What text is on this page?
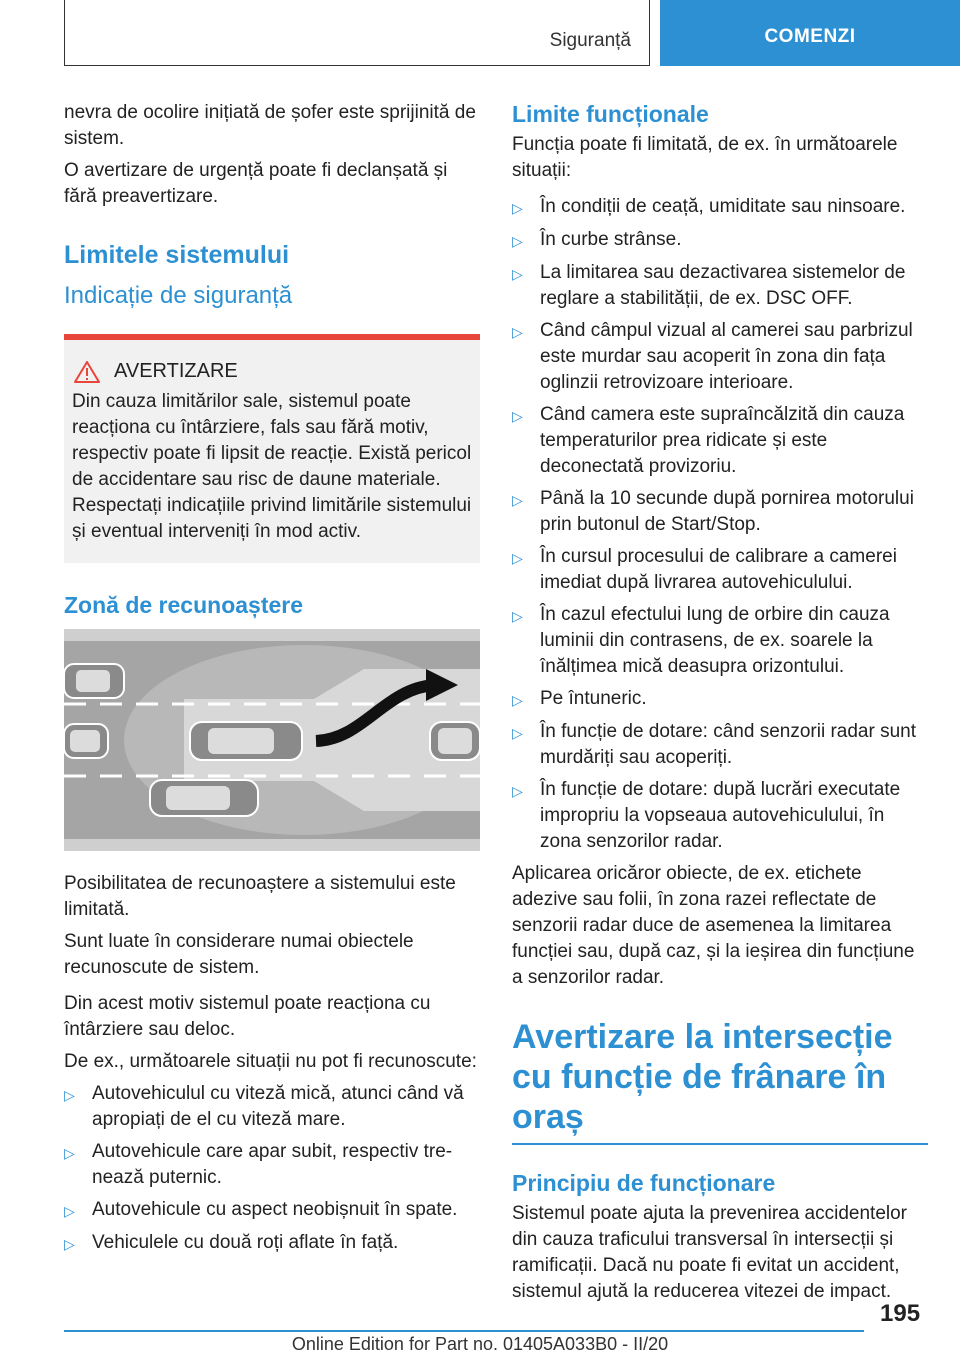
Siguranță	COMENZI

nevra de ocolire inițiată de șofer este sprijinită de sistem.

O avertizare de urgență poate fi declanșată și fără preavertizare.

Limitele sistemului
Indicație de siguranță
AVERTIZARE

Din cauza limitărilor sale, sistemul poate reacționa cu întârziere, fals sau fără motiv, respectiv poate fi lipsit de reacție. Există pericol de accidentare sau risc de daune materiale. Respectați indicațiile privind limitările sistemului și eventual interveniți în mod activ.

Zonă de recunoaștere

Posibilitatea de recunoaștere a sistemului este limitată.

Sunt luate în considerare numai obiectele recunoscute de sistem.

Din acest motiv sistemul poate reacționa cu întârziere sau deloc.

De ex., următoarele situații nu pot fi recunoscute:

▷ Autovehiculul cu viteză mică, atunci când vă apropiați de el cu viteză mare.
▷ Autovehicule care apar subit, respectiv trenează puternic.
▷ Autovehicule cu aspect neobișnuit în spate.
▷ Vehiculele cu două roți aflate în față.
Limite funcționale

Funcția poate fi limitată, de ex. în următoarele situații:

▷ În condiții de ceață, umiditate sau ninsoare.
▷ În curbe strânse.
▷ La limitarea sau dezactivarea sistemelor de reglare a stabilității, de ex. DSC OFF.
▷ Când câmpul vizual al camerei sau parbrizul este murdar sau acoperit în zona din fața oglinzii retrovizoare interioare.
▷ Când camera este supraîncălzită din cauza temperaturilor prea ridicate și este deconectată provizoriu.
▷ Până la 10 secunde după pornirea motorului prin butonul de Start/Stop.
▷ În cursul procesului de calibrare a camerei imediat după livrarea autovehiculului.
▷ În cazul efectului lung de orbire din cauza luminii din contrasens, de ex. soarele la înălțimea mică deasupra orizontului.
▷ Pe întuneric.
▷ În funcție de dotare: când senzorii radar sunt murdăriți sau acoperiți.
▷ În funcție de dotare: după lucrări executate impropriu la vopseaua autovehiculului, în zona senzorilor radar.

Aplicarea oricăror obiecte, de ex. etichete adezive sau folii, în zona razei reflectate de senzorii radar duce de asemenea la limitarea funcției sau, după caz, și la ieșirea din funcțiune a senzorilor radar.

Avertizare la intersecție cu funcție de frânare în oraș
Principiu de funcționare

Sistemul poate ajuta la prevenirea accidentelor din cauza traficului transversal în intersecții și ramificații. Dacă nu poate fi evitat un accident, sistemul ajută la reducerea vitezei de impact.

195
Online Edition for Part no. 01405A033B0 - II/20
